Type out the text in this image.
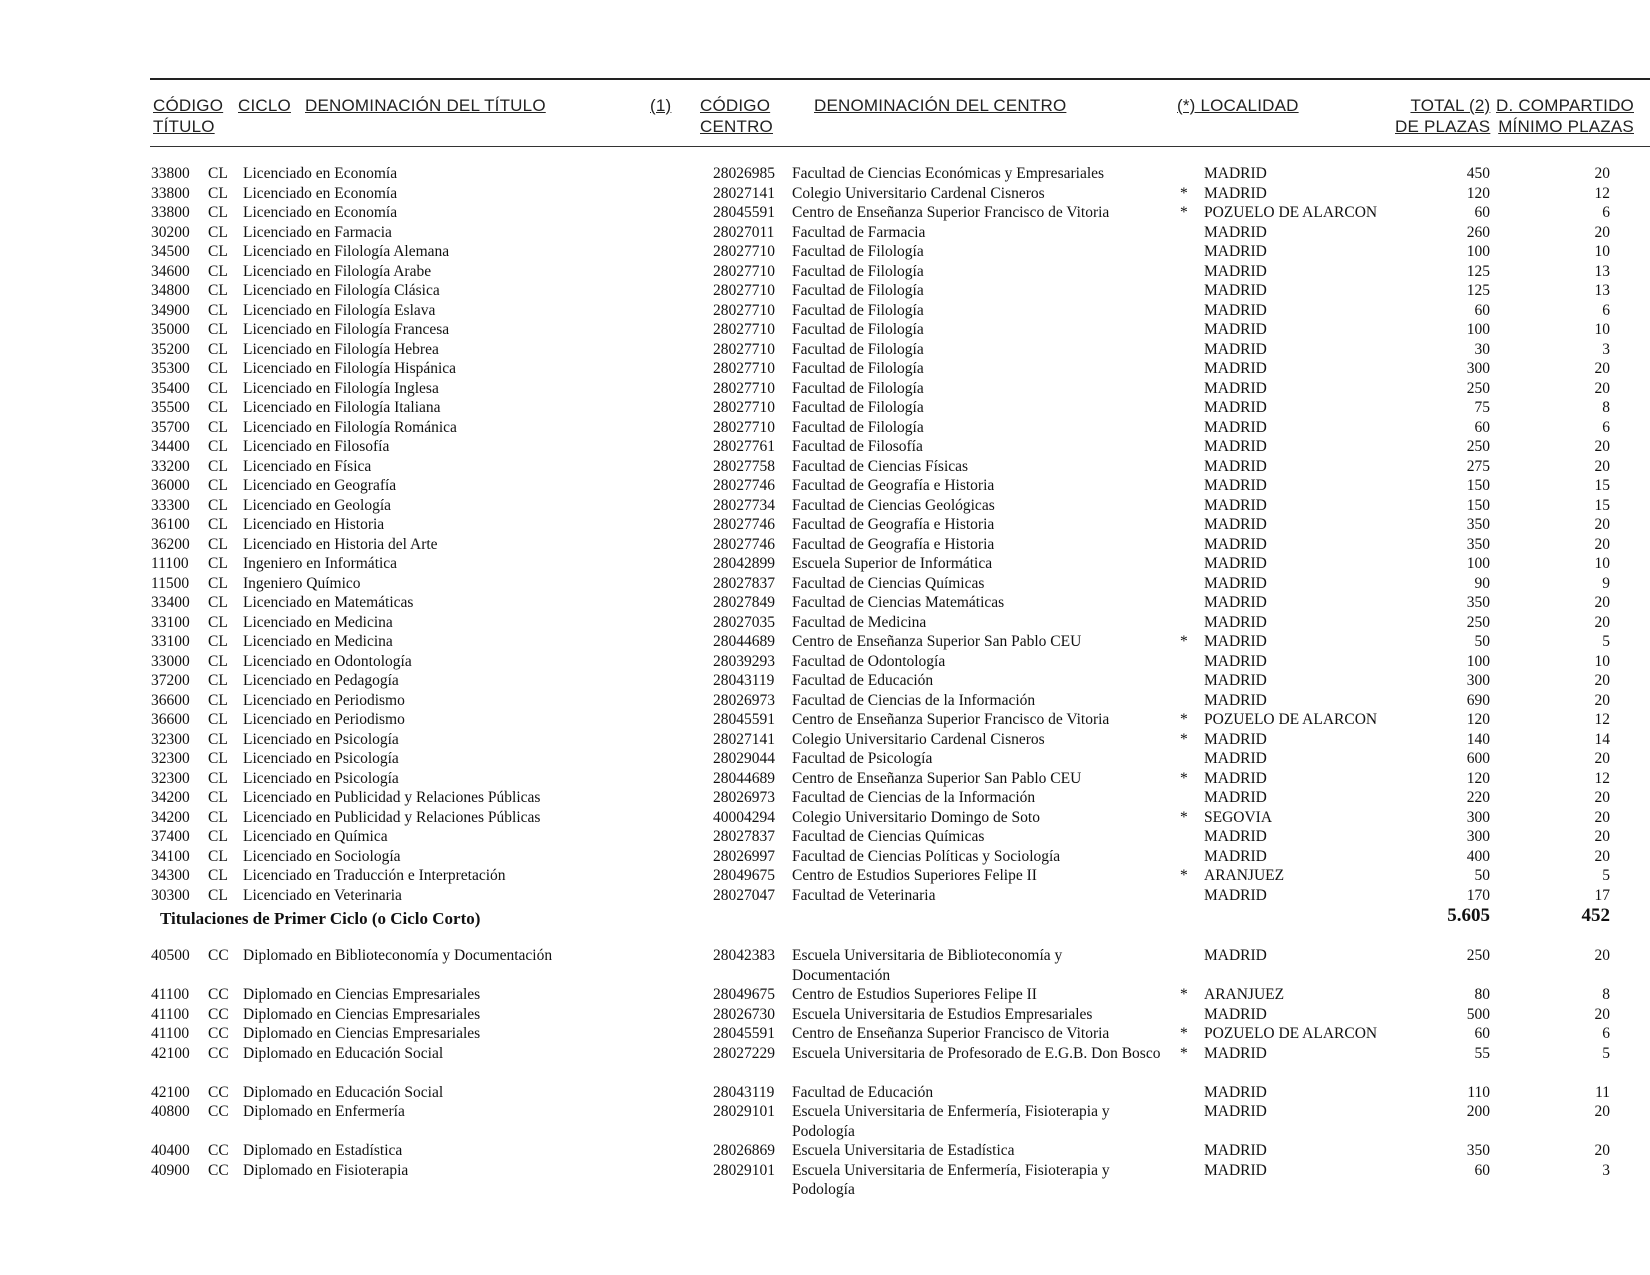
CÓDIGO
TÍTULO
CICLO DENOMINACIÓN DEL TÍTULO	(1) CÓDIGO
CENTRO
DENOMINACIÓN DEL CENTRO	(*) LOCALIDAD	TOTAL (2)
DE PLAZAS
D. COMPARTIDO
MÍNIMO PLAZAS
33800 CL Licenciado en Economía	28026985 Facultad de Ciencias Económicas y Empresariales	MADRID	450	20
33800 CL Licenciado en Economía	28027141 Colegio Universitario Cardenal Cisneros	* MADRID	120	12
33800 CL Licenciado en Economía	28045591 Centro de Enseñanza Superior Francisco de Vitoria	* POZUELO DE ALARCON	60	6
30200 CL Licenciado en Farmacia	28027011 Facultad de Farmacia	MADRID	260	20
34500 CL Licenciado en Filología Alemana	28027710 Facultad de Filología	MADRID	100	10
34600 CL Licenciado en Filología Arabe	28027710 Facultad de Filología	MADRID	125	13
34800 CL Licenciado en Filología Clásica	28027710 Facultad de Filología	MADRID	125	13
34900 CL Licenciado en Filología Eslava	28027710 Facultad de Filología	MADRID	60	6
35000 CL Licenciado en Filología Francesa	28027710 Facultad de Filología	MADRID	100	10
35200 CL Licenciado en Filología Hebrea	28027710 Facultad de Filología	MADRID	30	3
35300 CL Licenciado en Filología Hispánica	28027710 Facultad de Filología	MADRID	300	20
35400 CL Licenciado en Filología Inglesa	28027710 Facultad de Filología	MADRID	250	20
35500 CL Licenciado en Filología Italiana	28027710 Facultad de Filología	MADRID	75	8
35700 CL Licenciado en Filología Románica	28027710 Facultad de Filología	MADRID	60	6
34400 CL Licenciado en Filosofía	28027761 Facultad de Filosofía	MADRID	250	20
33200 CL Licenciado en Física	28027758 Facultad de Ciencias Físicas	MADRID	275	20
36000 CL Licenciado en Geografía	28027746 Facultad de Geografía e Historia	MADRID	150	15
33300 CL Licenciado en Geología	28027734 Facultad de Ciencias Geológicas	MADRID	150	15
36100 CL Licenciado en Historia	28027746 Facultad de Geografía e Historia	MADRID	350	20
36200 CL Licenciado en Historia del Arte	28027746 Facultad de Geografía e Historia	MADRID	350	20
11100 CL Ingeniero en Informática	28042899 Escuela Superior de Informática	MADRID	100	10
11500 CL Ingeniero Químico	28027837 Facultad de Ciencias Químicas	MADRID	90	9
33400 CL Licenciado en Matemáticas	28027849 Facultad de Ciencias Matemáticas	MADRID	350	20
33100 CL Licenciado en Medicina	28027035 Facultad de Medicina	MADRID	250	20
33100 CL Licenciado en Medicina	28044689 Centro de Enseñanza Superior San Pablo CEU	* MADRID	50	5
33000 CL Licenciado en Odontología	28039293 Facultad de Odontología	MADRID	100	10
37200 CL Licenciado en Pedagogía	28043119 Facultad de Educación	MADRID	300	20
36600 CL Licenciado en Periodismo	28026973 Facultad de Ciencias de la Información	MADRID	690	20
36600 CL Licenciado en Periodismo	28045591 Centro de Enseñanza Superior Francisco de Vitoria	* POZUELO DE ALARCON	120	12
32300 CL Licenciado en Psicología	28027141 Colegio Universitario Cardenal Cisneros	* MADRID	140	14
32300 CL Licenciado en Psicología	28029044 Facultad de Psicología	MADRID	600	20
32300 CL Licenciado en Psicología	28044689 Centro de Enseñanza Superior San Pablo CEU	* MADRID	120	12
34200 CL Licenciado en Publicidad y Relaciones Públicas	28026973 Facultad de Ciencias de la Información	MADRID	220	20
34200 CL Licenciado en Publicidad y Relaciones Públicas	40004294 Colegio Universitario Domingo de Soto	* SEGOVIA	300	20
37400 CL Licenciado en Química	28027837 Facultad de Ciencias Químicas	MADRID	300	20
34100 CL Licenciado en Sociología	28026997 Facultad de Ciencias Políticas y Sociología	MADRID	400	20
34300 CL Licenciado en Traducción e Interpretación	28049675 Centro de Estudios Superiores Felipe II	* ARANJUEZ	50	5
30300 CL Licenciado en Veterinaria	28027047 Facultad de Veterinaria	MADRID	170	17
Titulaciones de Primer Ciclo (o Ciclo Corto)	5.605	452
40500 CC Diplomado en Biblioteconomía y Documentación	28042383 Escuela Universitaria de Biblioteconomía y Documentación
MADRID	250	20
41100 CC Diplomado en Ciencias Empresariales	28049675 Centro de Estudios Superiores Felipe II	* ARANJUEZ	80	8
41100 CC Diplomado en Ciencias Empresariales	28026730 Escuela Universitaria de Estudios Empresariales	MADRID	500	20
41100 CC Diplomado en Ciencias Empresariales	28045591 Centro de Enseñanza Superior Francisco de Vitoria	* POZUELO DE ALARCON	60	6
42100 CC Diplomado en Educación Social	28027229 Escuela Universitaria de Profesorado de E.G.B. Don Bosco * MADRID	55	5
42100 CC Diplomado en Educación Social	28043119 Facultad de Educación	MADRID	110	11
40800 CC Diplomado en Enfermería	28029101 Escuela Universitaria de Enfermería, Fisioterapia y Podología
MADRID	200	20
40400 CC Diplomado en Estadística	28026869 Escuela Universitaria de Estadística	MADRID	350	20
40900 CC Diplomado en Fisioterapia	28029101 Escuela Universitaria de Enfermería, Fisioterapia y Podología
MADRID	60	3
